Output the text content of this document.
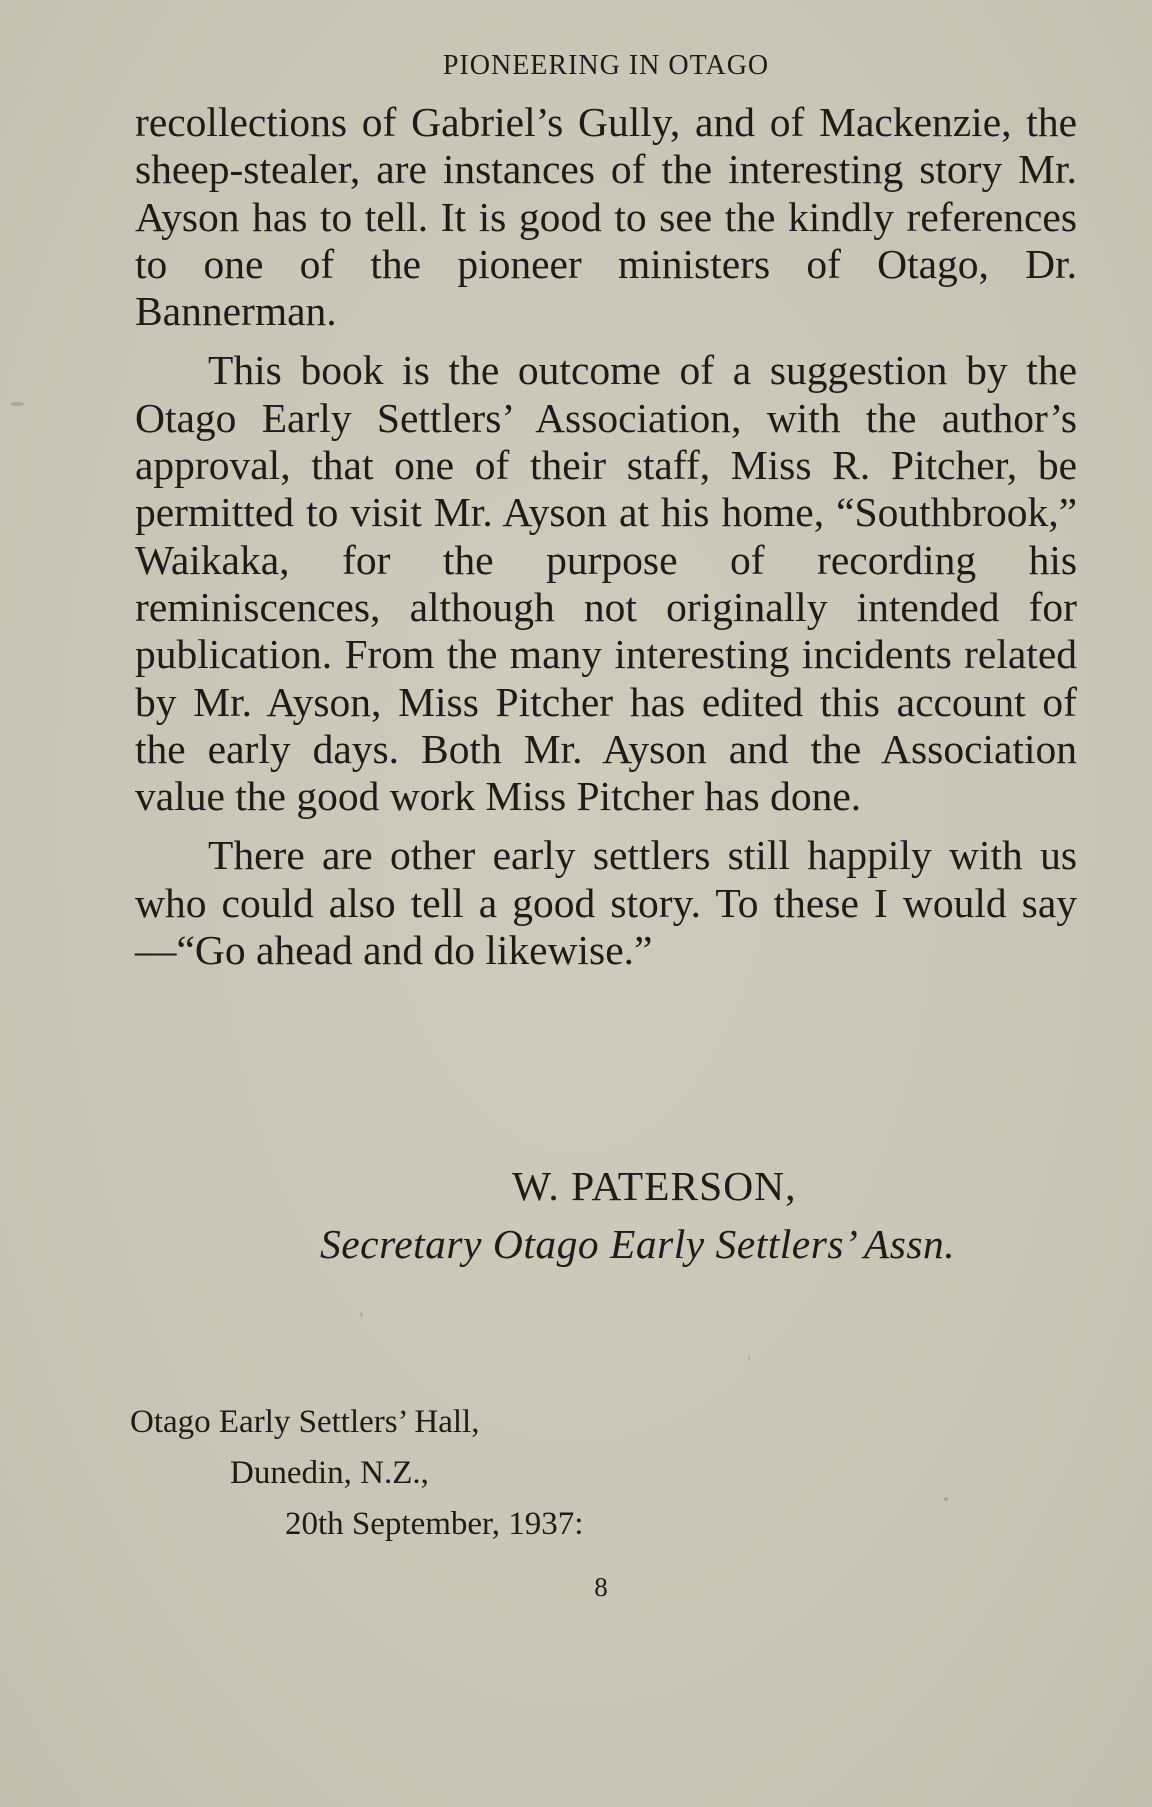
PIONEERING IN OTAGO

recollections of Gabriel’s Gully, and of Mackenzie, the sheep-stealer, are instances of the interesting story Mr. Ayson has to tell. It is good to see the kindly references to one of the pioneer ministers of Otago, Dr. Bannerman.

This book is the outcome of a suggestion by the Otago Early Settlers’ Association, with the author’s approval, that one of their staff, Miss R. Pitcher, be permitted to visit Mr. Ayson at his home, “Southbrook,” Waikaka, for the purpose of recording his reminiscences, although not originally intended for publication. From the many interesting incidents related by Mr. Ayson, Miss Pitcher has edited this account of the early days. Both Mr. Ayson and the Association value the good work Miss Pitcher has done.

There are other early settlers still happily with us who could also tell a good story. To these I would say—“Go ahead and do likewise.”

W. PATERSON,
Secretary Otago Early Settlers’ Assn.
Otago Early Settlers’ Hall,
Dunedin, N.Z.,
20th September, 1937:
8
